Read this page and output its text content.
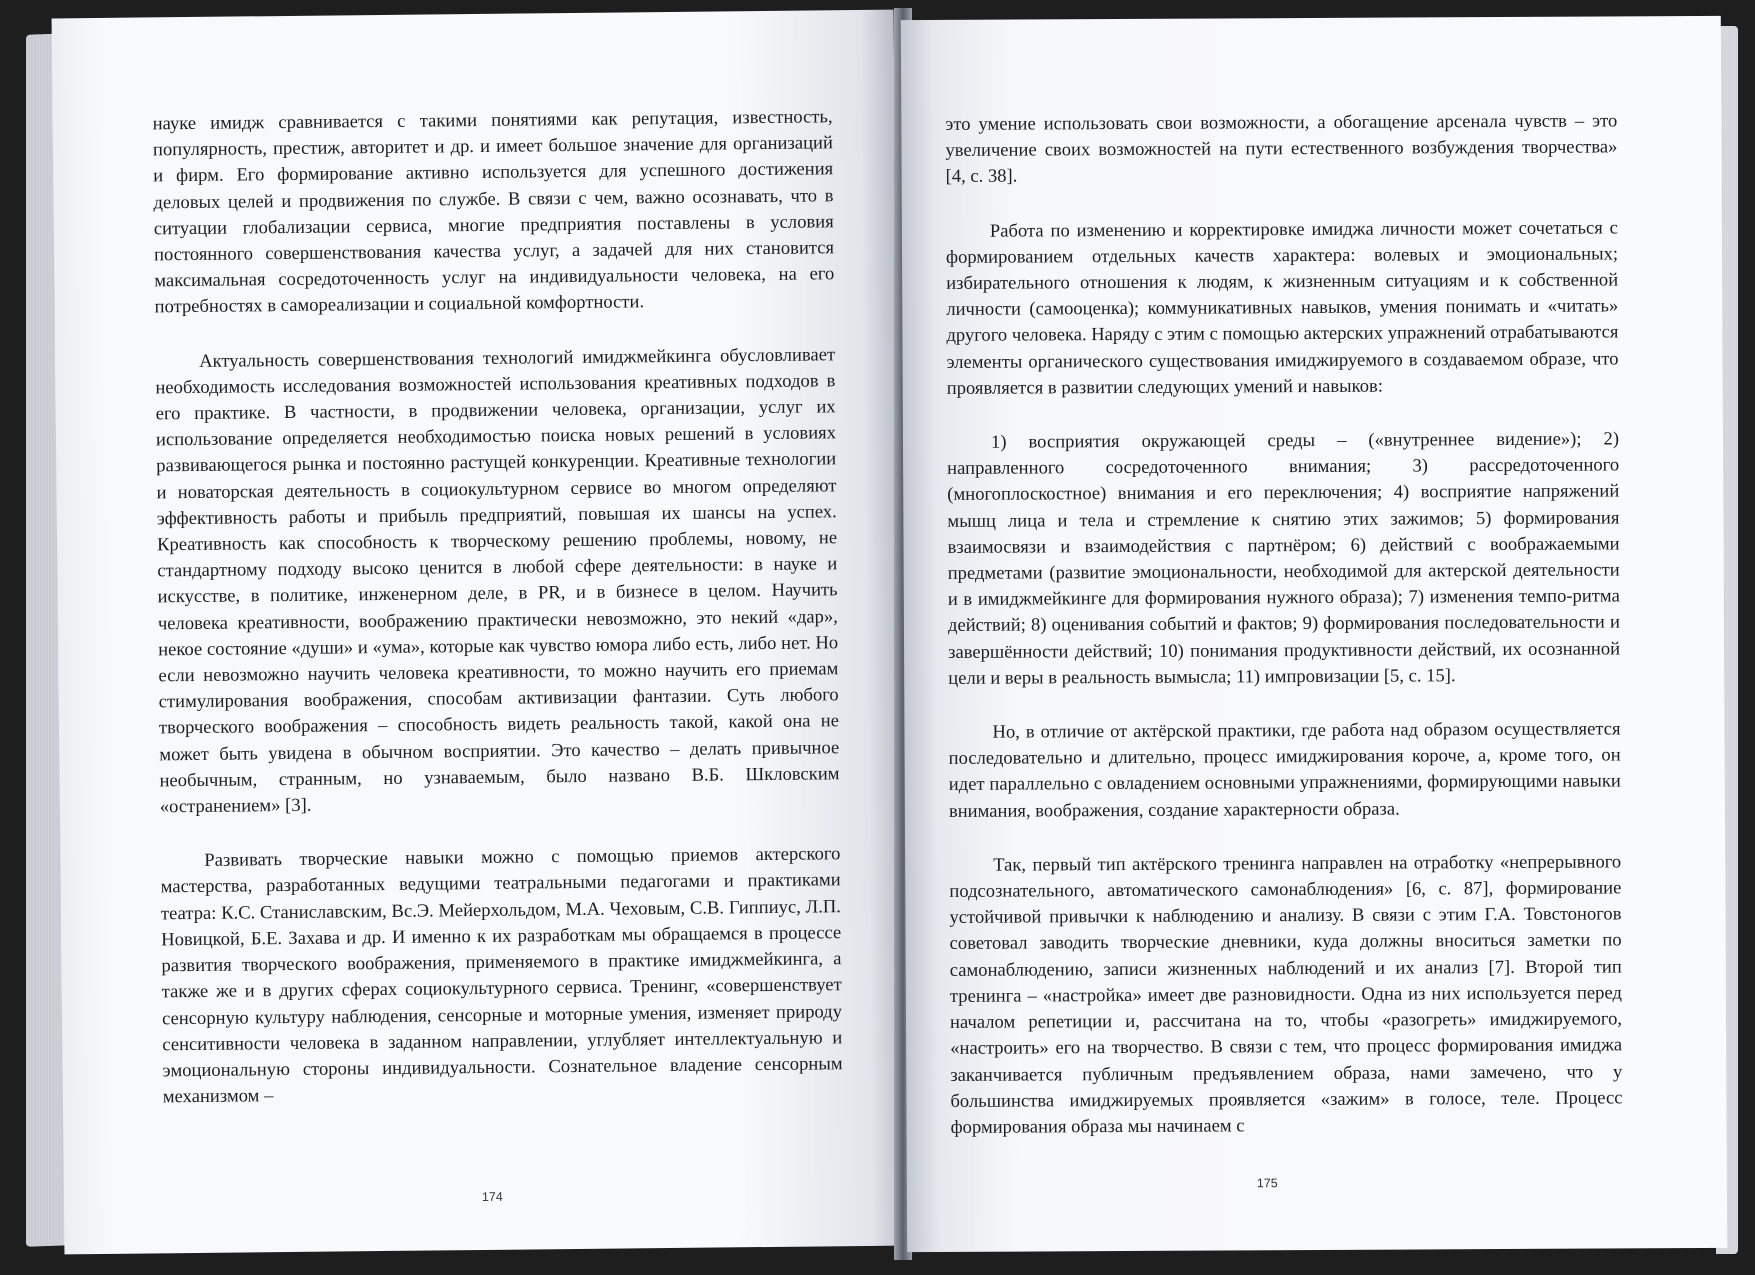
науке имидж сравнивается с такими понятиями как репутация, известность, популярность, престиж, авторитет и др. и имеет большое значение для организаций и фирм. Его формирование активно используется для успешного достижения деловых целей и продвижения по службе. В связи с чем, важно осознавать, что в ситуации глобализации сервиса, многие предприятия поставлены в условия постоянного совершенствования качества услуг, а задачей для них становится максимальная сосредоточенность услуг на индивидуальности человека, на его потребностях в самореализации и социальной комфортности.

Актуальность совершенствования технологий имиджмейкинга обусловливает необходимость исследования возможностей использования креативных подходов в его практике. В частности, в продвижении человека, организации, услуг их использование определяется необходимостью поиска новых решений в условиях развивающегося рынка и постоянно растущей конкуренции. Креативные технологии и новаторская деятельность в социокультурном сервисе во многом определяют эффективность работы и прибыль предприятий, повышая их шансы на успех. Креативность как способность к творческому решению проблемы, новому, не стандартному подходу высоко ценится в любой сфере деятельности: в науке и искусстве, в политике, инженерном деле, в PR, и в бизнесе в целом. Научить человека креативности, воображению практически невозможно, это некий «дар», некое состояние «души» и «ума», которые как чувство юмора либо есть, либо нет. Но если невозможно научить человека креативности, то можно научить его приемам стимулирования воображения, способам активизации фантазии. Суть любого творческого воображения – способность видеть реальность такой, какой она не может быть увидена в обычном восприятии. Это качество – делать привычное необычным, странным, но узнаваемым, было названо В.Б. Шкловским «остранением» [3].

Развивать творческие навыки можно с помощью приемов актерского мастерства, разработанных ведущими театральными педагогами и практиками театра: К.С. Станиславским, Вс.Э. Мейерхольдом, М.А. Чеховым, С.В. Гиппиус, Л.П. Новицкой, Б.Е. Захава и др. И именно к их разработкам мы обращаемся в процессе развития творческого воображения, применяемого в практике имиджмейкинга, а также же и в других сферах социокультурного сервиса. Тренинг, «совершенствует сенсорную культуру наблюдения, сенсорные и моторные умения, изменяет природу сенситивности человека в заданном направлении, углубляет интеллектуальную и эмоциональную стороны индивидуальности. Сознательное владение сенсорным механизмом –

174

это умение использовать свои возможности, а обогащение арсенала чувств – это увеличение своих возможностей на пути естественного возбуждения творчества» [4, с. 38].

Работа по изменению и корректировке имиджа личности может сочетаться с формированием отдельных качеств характера: волевых и эмоциональных; избирательного отношения к людям, к жизненным ситуациям и к собственной личности (самооценка); коммуникативных навыков, умения понимать и «читать» другого человека. Наряду с этим с помощью актерских упражнений отрабатываются элементы органического существования имиджируемого в создаваемом образе, что проявляется в развитии следующих умений и навыков:

1) восприятия окружающей среды – («внутреннее видение»); 2) направленного сосредоточенного внимания; 3) рассредоточенного (многоплоскостное) внимания и его переключения; 4) восприятие напряжений мышц лица и тела и стремление к снятию этих зажимов; 5) формирования взаимосвязи и взаимодействия с партнёром; 6) действий с воображаемыми предметами (развитие эмоциональности, необходимой для актерской деятельности и в имиджмейкинге для формирования нужного образа); 7) изменения темпо-ритма действий; 8) оценивания событий и фактов; 9) формирования последовательности и завершённости действий; 10) понимания продуктивности действий, их осознанной цели и веры в реальность вымысла; 11) импровизации [5, с. 15].

Но, в отличие от актёрской практики, где работа над образом осуществляется последовательно и длительно, процесс имиджирования короче, а, кроме того, он идет параллельно с овладением основными упражнениями, формирующими навыки внимания, воображения, создание характерности образа.

Так, первый тип актёрского тренинга направлен на отработку «непрерывного подсознательного, автоматического самонаблюдения» [6, с. 87], формирование устойчивой привычки к наблюдению и анализу. В связи с этим Г.А. Товстоногов советовал заводить творческие дневники, куда должны вноситься заметки по самонаблюдению, записи жизненных наблюдений и их анализ [7]. Второй тип тренинга – «настройка» имеет две разновидности. Одна из них используется перед началом репетиции и, рассчитана на то, чтобы «разогреть» имиджируемого, «настроить» его на творчество. В связи с тем, что процесс формирования имиджа заканчивается публичным предъявлением образа, нами замечено, что у большинства имиджируемых проявляется «зажим» в голосе, теле. Процесс формирования образа мы начинаем с

175
